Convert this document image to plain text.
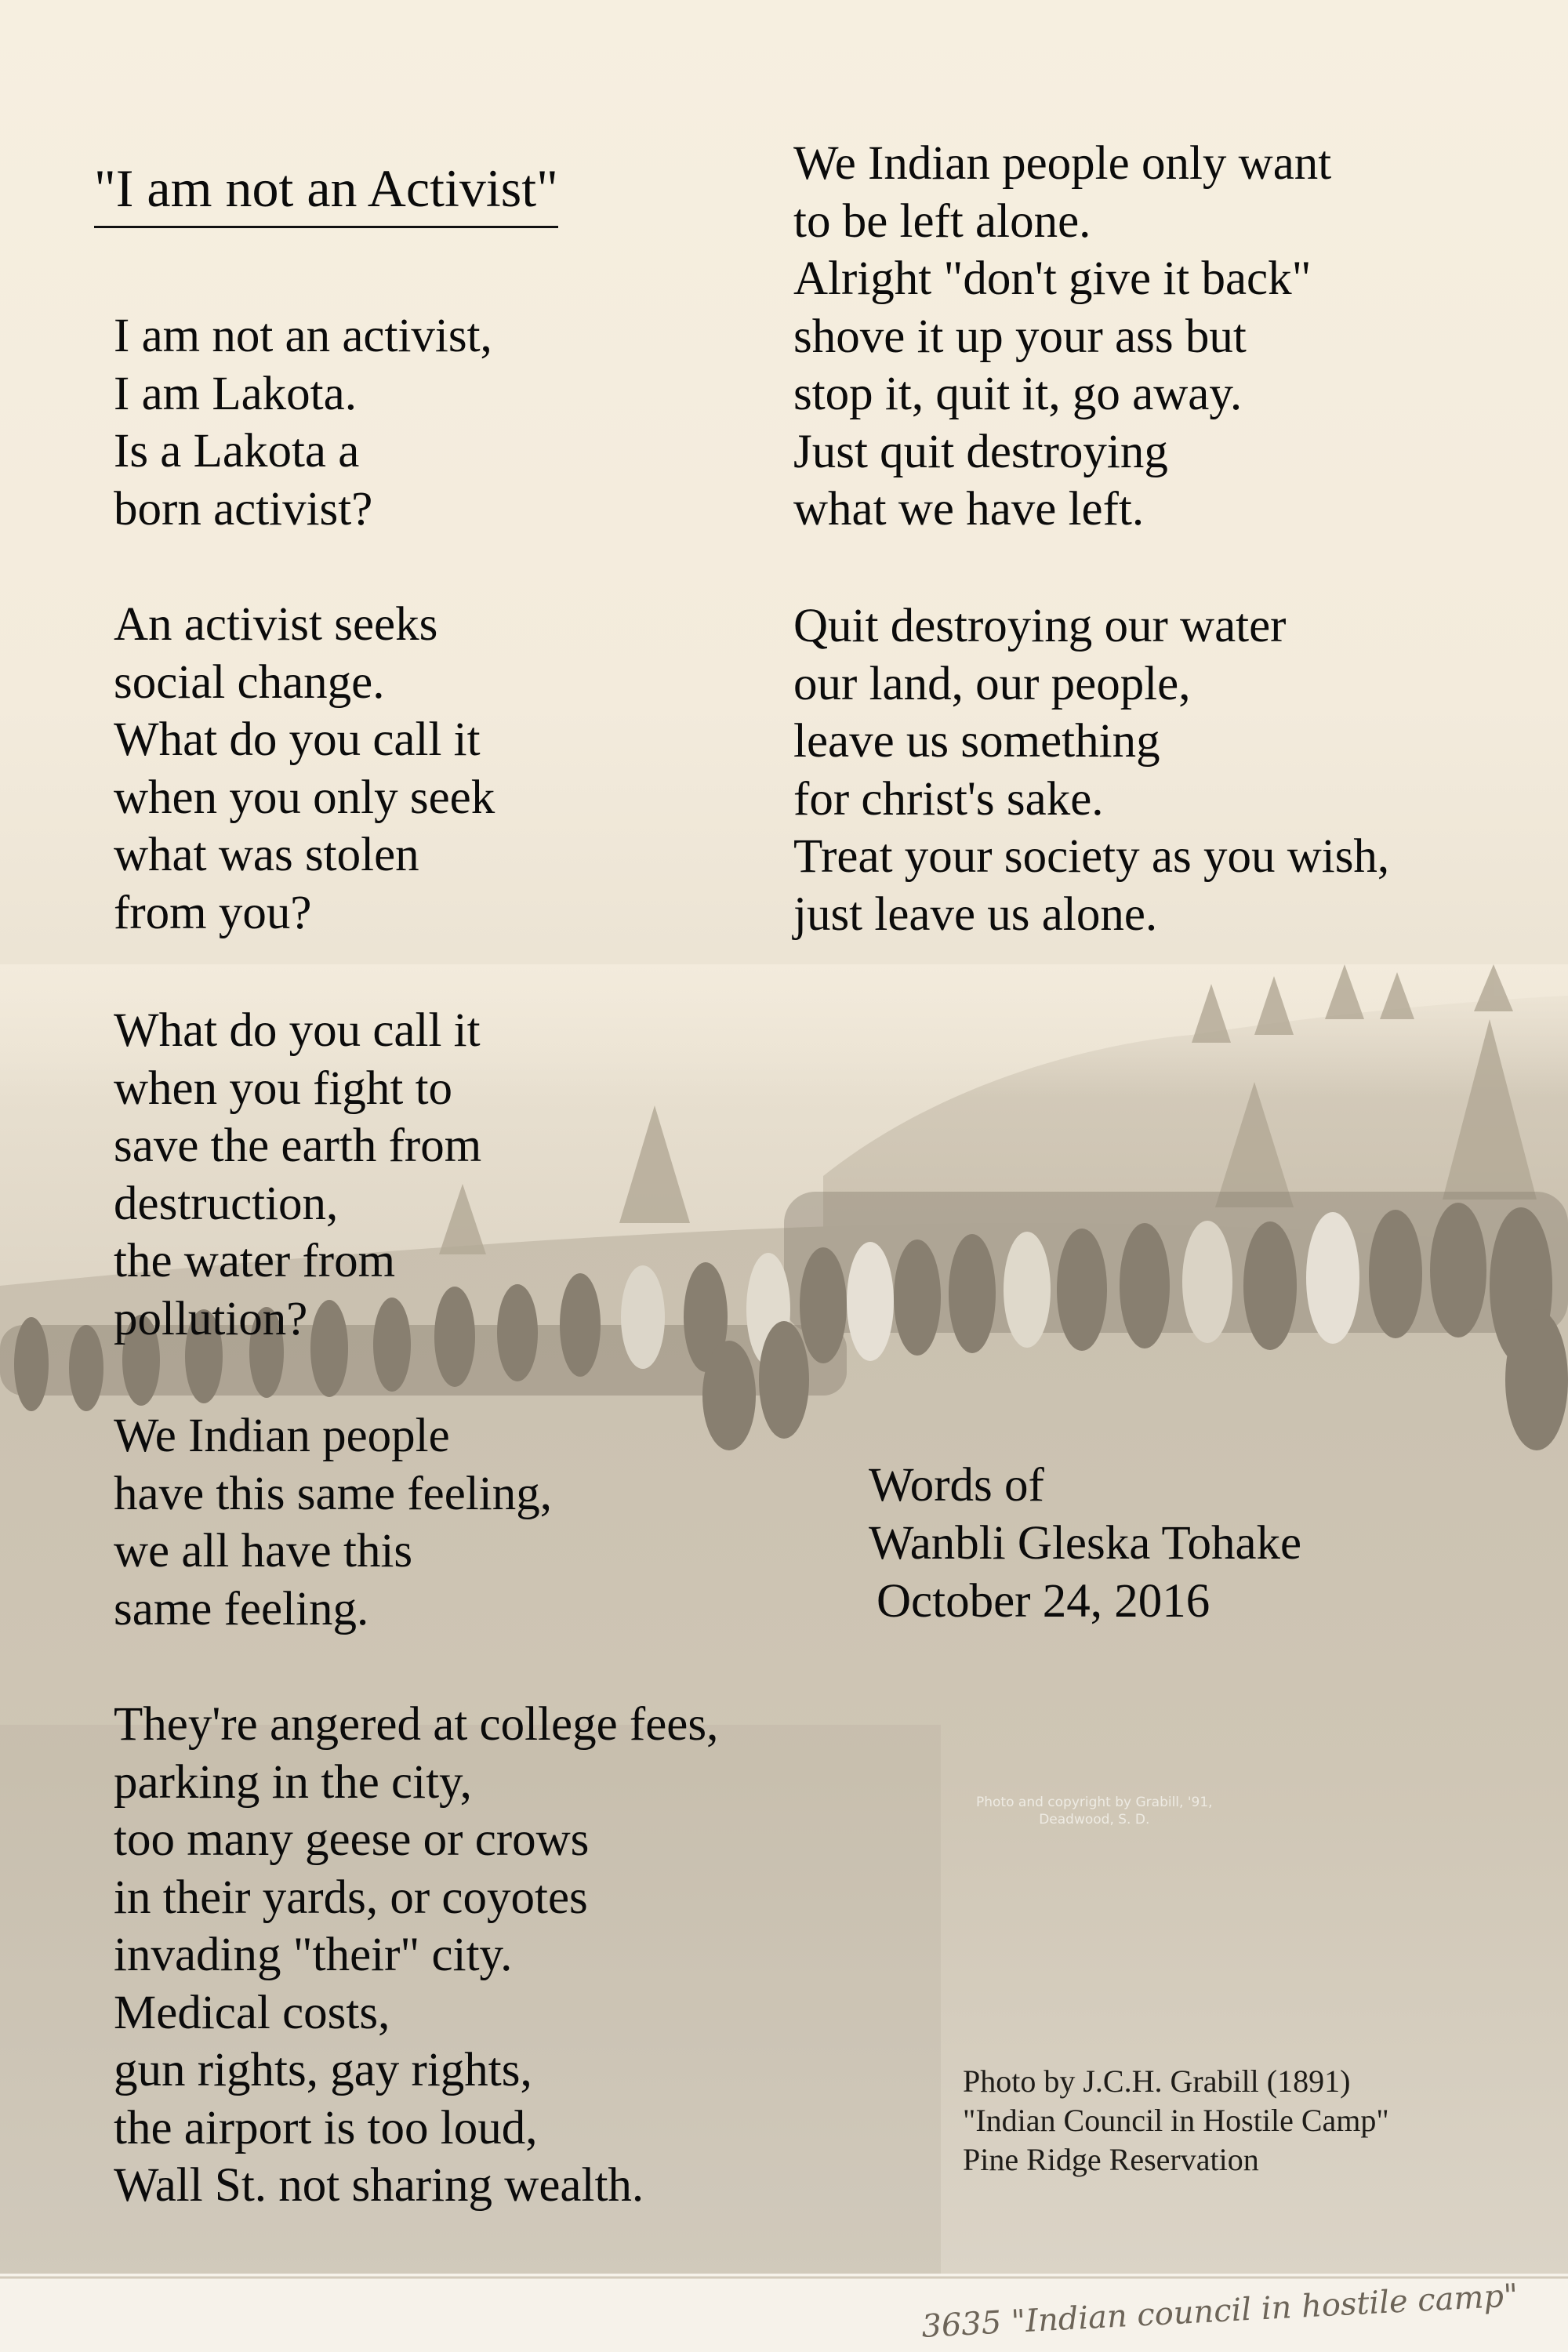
"I am not an Activist"
I am not an activist,
I am Lakota.
Is a Lakota a
born activist?
An activist seeks
social change.
What do you call it
when you only seek
what was stolen
from you?
What do you call it
when you fight to
save the earth from
destruction,
the water from
pollution?
We Indian people
have this same feeling,
we all have this
same feeling.
They're angered at college fees,
parking in the city,
too many geese or crows
in their yards, or coyotes
invading "their" city.
Medical costs,
gun rights, gay rights,
the airport is too loud,
Wall St. not sharing wealth.
We Indian people only want
to be left alone.
Alright "don't give it back"
shove it up your ass but
stop it, quit it, go away.
Just quit destroying
what we have left.
Quit destroying our water
our land, our people,
leave us something
for christ's sake.
Treat your society as you wish,
just leave us alone.
Words of
Wanbli Gleska Tohake
October 24, 2016
Photo by J.C.H. Grabill (1891)
"Indian Council in Hostile Camp"
Pine Ridge Reservation
Photo and copyright by Grabill, '91,
Deadwood, S. D.
3635 "Indian council in hostile camp"
